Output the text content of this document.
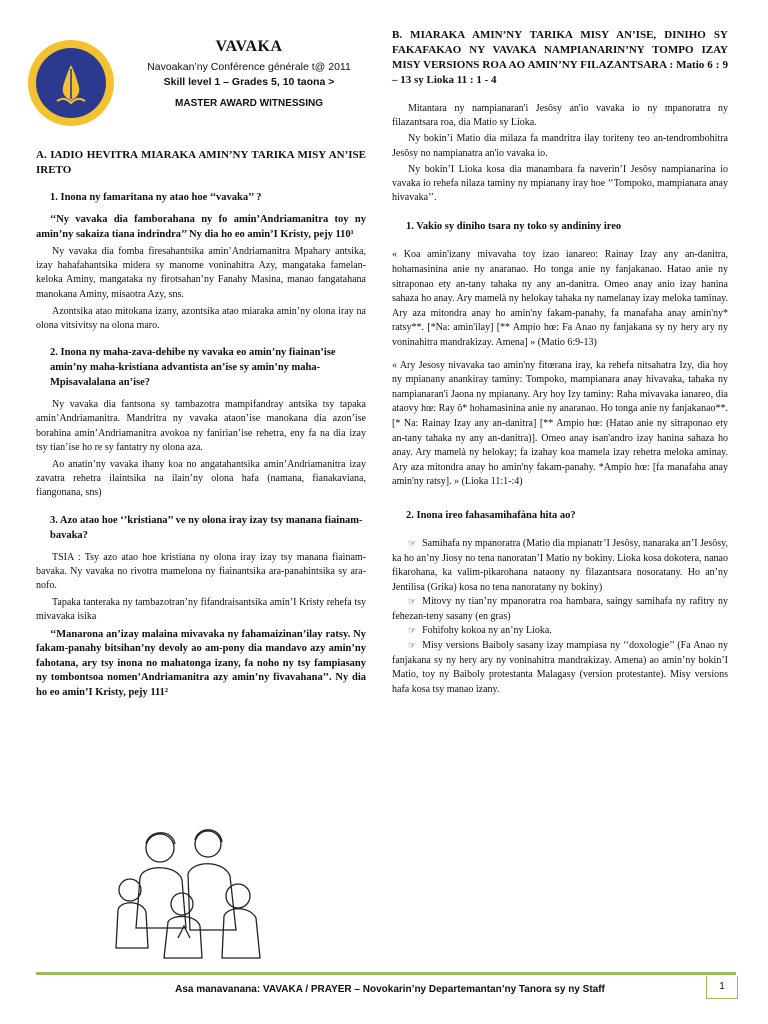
VAVAKA
Navoakan’ny Conférence générale t@ 2011
Skill level 1 – Grades 5, 10 taona >
MASTER AWARD WITNESSING
A. IADIO HEVITRA MIARAKA AMIN’NY TARIKA MISY AN’ISE IRETO
1. Inona ny famaritana ny atao hoe ‘‘vavaka’’ ?
‘‘Ny vavaka dia famborahana ny fo amin’Andriamanitra toy ny amin’ny sakaiza tiana indrindra’’ Ny dia ho eo amin’I Kristy, pejy 110¹
Ny vavaka dia fomba firesahantsika amin’Andriamanitra Mpahary antsika, izay hahafahantsika midera sy manome voninahitra Azy, mangataka famelan-keloka Aminy, mangataka ny firotsahan’ny Fanahy Masina, manao fangatahana manokana Aminy, misaotra Azy, sns.
Azontsika atao mitokana izany, azontsika atao miaraka amin’ny olona iray na olona vitsivitsy na olona maro.
2. Inona ny maha-zava-dehibe ny vavaka eo amin’ny fiainan’ise amin’ny maha-kristiana advantista an’ise sy amin’ny maha-Mpisavalalana an’ise?
Ny vavaka dia fantsona sy tambazotra mampifandray antsika tsy tapaka amin’Andriamanitra. Mandritra ny vavaka ataon’ise manokana dia azon’ise borahina amin’Andriamanitra avokoa ny fanirian’ise rehetra, eny fa na dia izay tsy tian’ise ho re sy fantatry ny olona aza.
Ao anatin’ny vavaka ihany koa no angatahantsika amin’Andriamanitra izay zavatra rehetra ilaintsika na ilain’ny olona hafa (namana, fianakaviana, fiangonana, sns)
3. Azo atao hoe ‘’kristiana’’ ve ny olona iray izay tsy manana fiainam-bavaka?
TSIA : Tsy azo atao hoe kristiana ny olona iray izay tsy manana fiainam-bavaka. Ny vavaka no rivotra mamelona ny fiainantsika ara-panahintsika sy ara-nofo.
Tapaka tanteraka ny tambazotran’ny fifandraisantsika amin’I Kristy rehefa tsy mivavaka isika
‘‘Manarona an’izay malaina mivavaka ny fahamaizinan’ilay ratsy. Ny fakam-panahy bitsihan’ny devoly ao am-pony dia mandavo azy amin’ny fahotana, ary tsy inona no mahatonga izany, fa noho ny tsy fampiasany ny tombontsoa nomen’Andriamanitra azy amin’ny fivavahana’’. Ny dia ho eo amin’I Kristy, pejy 111²
B. MIARAKA AMIN’NY TARIKA MISY AN’ISE, DINIHO SY FAKAFAKAO NY VAVAKA NAMPIANARIN’NY TOMPO IZAY MISY VERSIONS ROA AO AMIN’NY FILAZANTSARA : Matio 6 : 9 – 13 sy Lioka 11 : 1 - 4
Mitantara ny nampianaran'i Jesôsy an'io vavaka io ny mpanoratra ny filazantsara roa, dia Matio sy Lioka.
Ny bokin’i Matio dia milaza fa mandritra ilay toriteny teo an-tendrombohitra Jesôsy no nampianatra an'io vavaka io.
Ny bokin’I Lioka kosa dia manambara fa naverin’I Jesôsy nampianarina io vavaka io rehefa nilaza taminy ny mpianany iray hoe ‘‘Tompoko, mampianara anay hivavaka’’.
1. Vakio sy diniho tsara ny toko sy andininy ireo
« Koa amin'izany mivavaha toy izao ianareo: Rainay Izay any an-danitra, hohamasinina anie ny anaranao. Ho tonga anie ny fanjakanao. Hatao anie ny sitraponao ety an-tany tahaka ny any an-danitra. Omeo anay anio izay hanina sahaza ho anay. Ary mamelà ny helokay tahaka ny namelanay izay meloka taminay. Ary aza mitondra anay ho amin'ny fakam-panahy, fa manafaha anay amin'ny* ratsy**. [*Na: amin'ilay] [** Ampio hœ: Fa Anao ny fanjakana sy ny hery ary ny voninahitra mandrakizay. Amena] » (Matio 6:9-13)
« Ary Jesosy nivavaka tao amin'ny fitœrana iray, ka rehefa nitsahatra Izy, dia hoy ny mpianany anankiray taminy: Tompoko, mampianara anay hivavaka, tahaka ny nampianaran'i Jaona ny mpianany. Ary hoy Izy taminy: Raha mivavaka ianareo, dia ataovy hœ: Ray ô* hohamasinina anie ny anaranao. Ho tonga anie ny fanjakanao**. [* Na: Rainay Izay any an-danitra] [** Ampio hœ: (Hatao anie ny sitraponao ety an-tany tahaka ny any an-danitra)]. Omeo anay isan'andro izay hanina sahaza ho anay. Ary mamelà ny helokay; fa izahay koa mamela izay rehetra meloka aminay. Ary aza mitondra anay ho amin'ny fakam-panahy. *Ampio hœ: [fa manafaha anay amin'ny ratsy]. » (Lioka 11:1-:4)
2. Inona ireo fahasamihafàna hita ao?
☞ Samihafa ny mpanoratra (Matio dia mpianatr’I Jesôsy, nanaraka an’I Jesôsy, ka ho an’ny Jiosy no tena nanoratan’I Matio ny bokiny. Lioka kosa dokotera, nanao fikarohana, ka valim-pikarohana nataony ny filazantsara nosoratany. Ho an’ny Jentilisa (Grika) kosa no tena nanoratany ny bokiny)
☞ Mitovy ny tian’ny mpanoratra roa hambara, saingy samihafa ny rafitry ny fehezan-teny sasany (en gras)
☞ Fohifohy kokoa ny an’ny Lioka.
☞ Misy versions Baiboly sasany izay mampiasa ny ‘‘doxologie’’ (Fa Anao ny fanjakana sy ny hery ary ny voninahitra mandrakizay. Amena) ao amin’ny bokin’I Matio, toy ny Baiboly protestanta Malagasy (version protestante). Misy versions hafa kosa tsy manao izany.
Asa manavanana: VAVAKA / PRAYER – Novokarin’ny Departemantan’ny Tanora sy ny Staff	1
